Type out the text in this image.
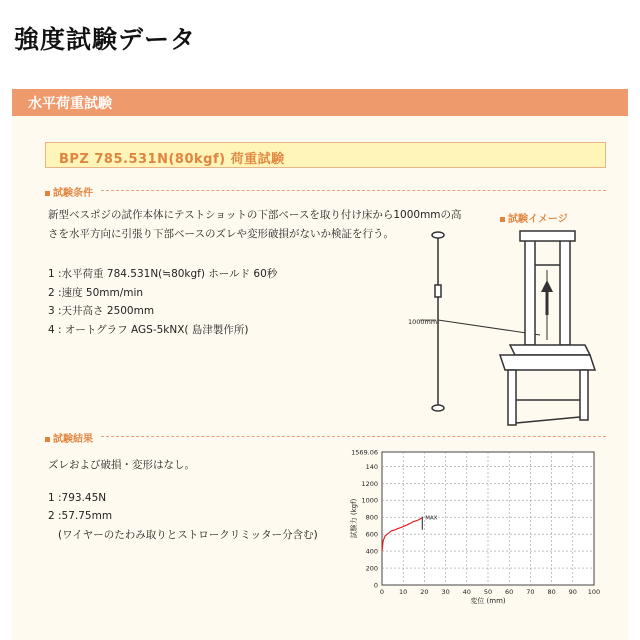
強度試験データ
水平荷重試験
BPZ 785.531N(80kgf) 荷重試験
試験条件
新型ベスポジの試作本体にテストショットの下部ベースを取り付け床から1000mmの高
さを水平方向に引張り下部ベースのズレや変形破損がないか検証を行う。
1 :水平荷重 784.531N(≒80kgf) ホールド 60秒
2 :速度 50mm/min
3 :天井高さ 2500mm
4 : オートグラフ AGS-5kNX( 島津製作所)
試験イメージ
1000mm
試験結果
ズレおよび破損・変形はなし。
1 :793.45N
2 :57.75mm
(ワイヤーのたわみ取りとストロークリミッター分含む)
0 10 20 30 40 50 60 70 80 90 100
0
200
400
600
800
1000
1200
140
1569.06
変位 (mm)
試験力 (kgf)	MAX
